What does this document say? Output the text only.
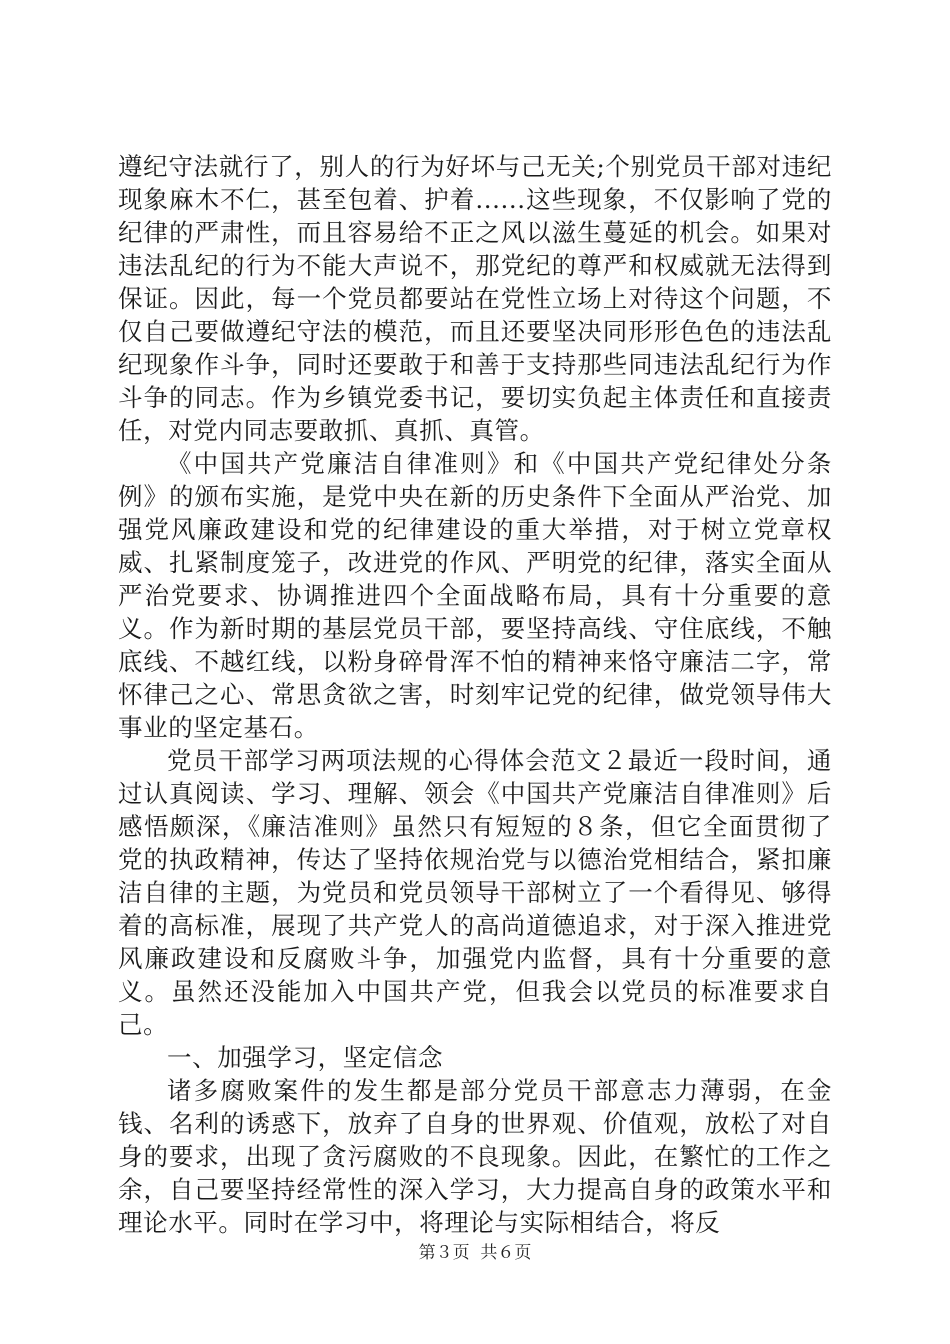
遵纪守法就行了，别人的行为好坏与己无关;个别党员干部对违纪现象麻木不仁，甚至包着、护着......这些现象，不仅影响了党的纪律的严肃性，而且容易给不正之风以滋生蔓延的机会。如果对违法乱纪的行为不能大声说不，那党纪的尊严和权威就无法得到保证。因此，每一个党员都要站在党性立场上对待这个问题，不仅自己要做遵纪守法的模范，而且还要坚决同形形色色的违法乱纪现象作斗争，同时还要敢于和善于支持那些同违法乱纪行为作斗争的同志。作为乡镇党委书记，要切实负起主体责任和直接责任，对党内同志要敢抓、真抓、真管。

《中国共产党廉洁自律准则》和《中国共产党纪律处分条例》的颁布实施，是党中央在新的历史条件下全面从严治党、加强党风廉政建设和党的纪律建设的重大举措，对于树立党章权威、扎紧制度笼子，改进党的作风、严明党的纪律，落实全面从严治党要求、协调推进四个全面战略布局，具有十分重要的意义。作为新时期的基层党员干部，要坚持高线、守住底线，不触底线、不越红线，以粉身碎骨浑不怕的精神来恪守廉洁二字，常怀律己之心、常思贪欲之害，时刻牢记党的纪律，做党领导伟大事业的坚定基石。

党员干部学习两项法规的心得体会范文２最近一段时间，通过认真阅读、学习、理解、领会《中国共产党廉洁自律准则》后感悟颇深，《廉洁准则》虽然只有短短的８条，但它全面贯彻了党的执政精神，传达了坚持依规治党与以德治党相结合，紧扣廉洁自律的主题，为党员和党员领导干部树立了一个看得见、够得着的高标准，展现了共产党人的高尚道德追求，对于深入推进党风廉政建设和反腐败斗争，加强党内监督，具有十分重要的意义。虽然还没能加入中国共产党，但我会以党员的标准要求自己。

一、加强学习，坚定信念

诸多腐败案件的发生都是部分党员干部意志力薄弱，在金钱、名利的诱惑下，放弃了自身的世界观、价值观，放松了对自身的要求，出现了贪污腐败的不良现象。因此，在繁忙的工作之余，自己要坚持经常性的深入学习，大力提高自身的政策水平和理论水平。同时在学习中，将理论与实际相结合，将反

第３页  共６页
